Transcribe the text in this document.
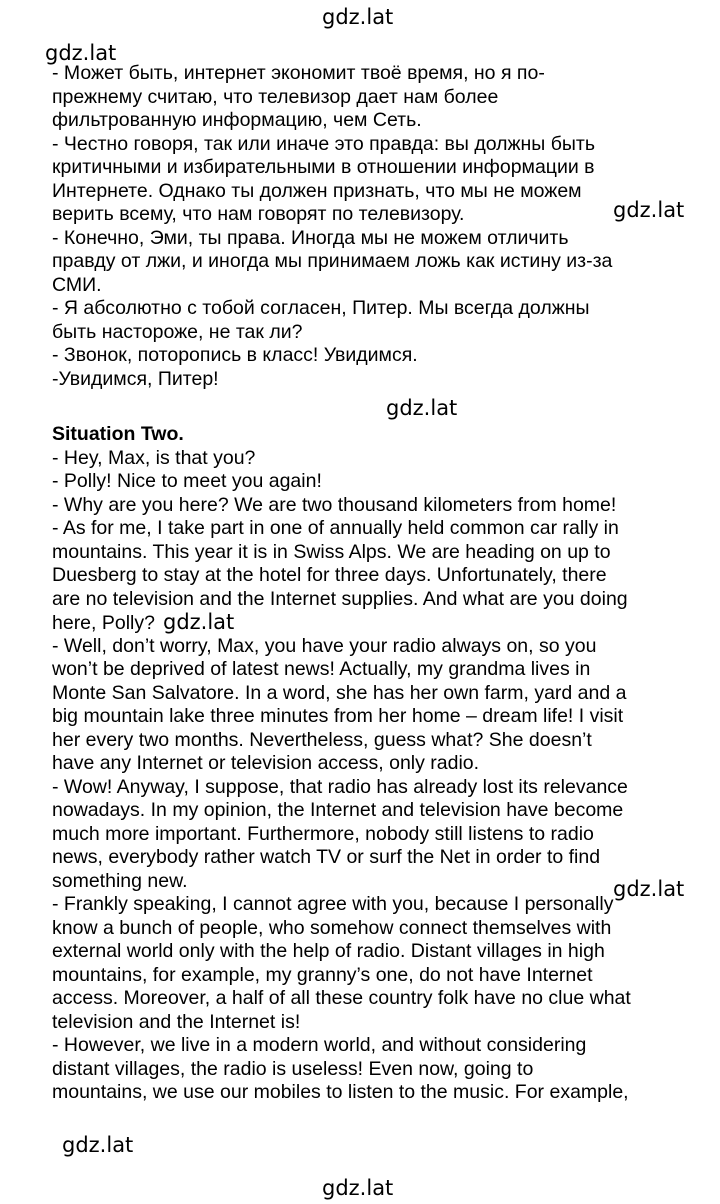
gdz.lat
gdz.lat
- Может быть, интернет экономит твоё время, но я по-
прежнему считаю, что телевизор дает нам более
фильтрованную информацию, чем Сеть.
- Честно говоря, так или иначе это правда: вы должны быть
критичными и избирательными в отношении информации в
Интернете. Однако ты должен признать, что мы не можем
верить всему, что нам говорят по телевизору.
- Конечно, Эми, ты права. Иногда мы не можем отличить
правду от лжи, и иногда мы принимаем ложь как истину из-за
СМИ.
- Я абсолютно с тобой согласен, Питер. Мы всегда должны
быть настороже, не так ли?
- Звонок, поторопись в класс! Увидимся.
-Увидимся, Питер!
gdz.lat
gdz.lat
Situation Two.
- Hey, Max, is that you?
- Polly! Nice to meet you again!
- Why are you here? We are two thousand kilometers from home!
- As for me, I take part in one of annually held common car rally in
mountains. This year it is in Swiss Alps. We are heading on up to
Duesberg to stay at the hotel for three days. Unfortunately, there
are no television and the Internet supplies. And what are you doing
here, Polly? gdz.lat
- Well, don’t worry, Max, you have your radio always on, so you
won’t be deprived of latest news! Actually, my grandma lives in
Monte San Salvatore. In a word, she has her own farm, yard and a
big mountain lake three minutes from her home – dream life! I visit
her every two months. Nevertheless, guess what? She doesn’t
have any Internet or television access, only radio.
- Wow! Anyway, I suppose, that radio has already lost its relevance
nowadays. In my opinion, the Internet and television have become
much more important. Furthermore, nobody still listens to radio
news, everybody rather watch TV or surf the Net in order to find
something new.
- Frankly speaking, I cannot agree with you, because I personally
know a bunch of people, who somehow connect themselves with
external world only with the help of radio. Distant villages in high
mountains, for example, my granny’s one, do not have Internet
access. Moreover, a half of all these country folk have no clue what
television and the Internet is!
- However, we live in a modern world, and without considering
distant villages, the radio is useless! Even now, going to
mountains, we use our mobiles to listen to the music. For example,
gdz.lat
gdz.lat
gdz.lat
